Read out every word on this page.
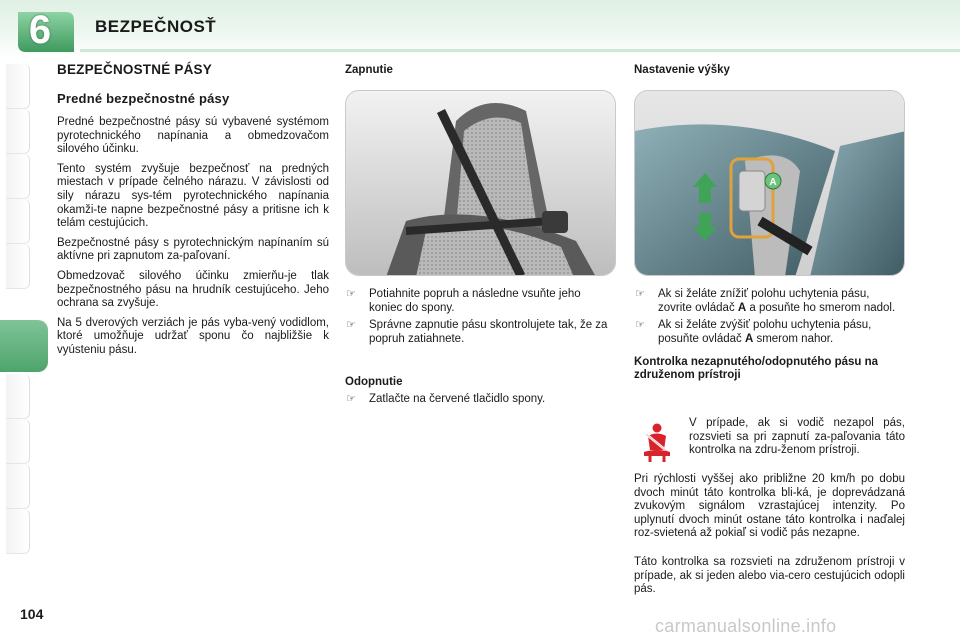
6	BEZPEČNOSŤ
BEZPEČNOSTNÉ PÁSY
Predné bezpečnostné pásy

Predné bezpečnostné pásy sú vybavené systémom pyrotechnického napínania a obmedzovačom silového účinku.

Tento systém zvyšuje bezpečnosť na predných miestach v prípade čelného nárazu. V závislosti od sily nárazu sys-tém pyrotechnického napínania okamži-te napne bezpečnostné pásy a pritisne ich k telám cestujúcich.

Bezpečnostné pásy s pyrotechnickým napínaním sú aktívne pri zapnutom za-paľovaní.

Obmedzovač silového účinku zmierňu-je tlak bezpečnostného pásu na hrudník cestujúceho. Jeho ochrana sa zvyšuje.

Na 5 dverových verziách je pás vyba-vený vodidlom, ktoré umožňuje udržať sponu čo najbližšie k vyústeniu pásu.

Zapnutie
☞ Potiahnite popruh a následne vsuňte jeho koniec do spony.
☞ Správne zapnutie pásu skontrolujete tak, že za popruh zatiahnete.
Odopnutie
☞ Zatlačte na červené tlačidlo spony.
Nastavenie výšky
A
☞ Ak si želáte znížiť polohu uchytenia pásu, zovrite ovládač A a posuňte ho smerom nadol.
☞ Ak si želáte zvýšiť polohu uchytenia pásu, posuňte ovládač A smerom nahor.
Kontrolka nezapnutého/odopnutého pásu na združenom prístroji

V prípade, ak si vodič nezapol pás, rozsvieti sa pri zapnutí za-paľovania táto kontrolka na zdru-ženom prístroji.

Pri rýchlosti vyššej ako približne 20 km/h po dobu dvoch minút táto kontrolka bli-ká, je doprevádzaná zvukovým signálom vzrastajúcej intenzity. Po uplynutí dvoch minút ostane táto kontrolka i naďalej roz-svietená až pokiaľ si vodič pás nezapne.

Táto kontrolka sa rozsvieti na združenom prístroji v prípade, ak si jeden alebo via-cero cestujúcich odopli pás.

104
carmanualsonline.info
